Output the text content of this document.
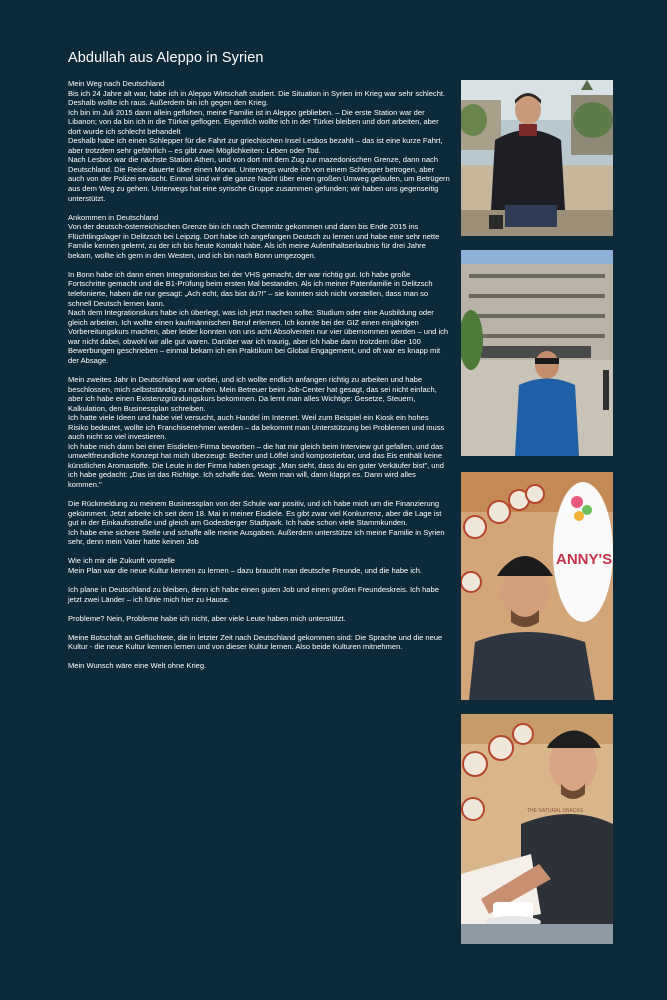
Abdullah aus Aleppo in Syrien
Mein Weg nach Deutschland

Bis ich 24 Jahre alt war, habe ich in Aleppo Wirtschaft studiert. Die Situation in Syrien im Krieg war sehr schlecht. Deshalb wollte ich raus. Außerdem bin ich gegen den Krieg.

Ich bin im Juli 2015 dann allein geflohen, meine Familie ist in Aleppo geblieben. – Die erste Station war der Libanon; von da bin ich in die Türkei geflogen. Eigentlich wollte ich in der Türkei bleiben und dort arbeiten, aber dort wurde ich schlecht behandelt

Deshalb habe ich einen Schlepper für die Fahrt zur griechischen Insel Lesbos bezahlt – das ist eine kurze Fahrt, aber trotzdem sehr gefährlich – es gibt zwei Möglichkeiten: Leben oder Tod.

Nach Lesbos war die nächste Station Athen, und von dort mit dem Zug zur mazedonischen Grenze, dann nach Deutschland. Die Reise dauerte über einen Monat. Unterwegs wurde ich von einem Schlepper betrogen, aber auch von der Polizei erwischt. Einmal sind wir die ganze Nacht über einen großen Umweg gelaufen, um Betrügern aus dem Weg zu gehen. Unterwegs hat eine syrische Gruppe zusammen gefunden; wir haben uns gegenseitig unterstützt.

Ankommen in Deutschland

Von der deutsch-österreichischen Grenze bin ich nach Chemnitz gekommen und dann bis Ende 2015 ins Flüchtlingslager in Delitzsch bei Leipzig. Dort habe ich angefangen Deutsch zu lernen und habe eine sehr nette Familie kennen gelernt, zu der ich bis heute Kontakt habe. Als ich meine Aufenthaltserlaubnis für drei Jahre bekam, wollte ich gern in den Westen, und ich bin nach Bonn umgezogen.

In Bonn habe ich dann einen Integrationskus bei der VHS gemacht, der war richtig gut. Ich habe große Fortschritte gemacht und die B1-Prüfung beim ersten Mal bestanden. Als ich meiner Patenfamilie in Delitzsch telefonierte, haben die nur gesagt: „Ach echt, das bist du?!" – sie konnten sich nicht vorstellen, dass man so schnell Deutsch lernen kann.

Nach dem Integrationskurs habe ich überlegt, was ich jetzt machen sollte: Studium oder eine Ausbildung oder gleich arbeiten. Ich wollte einen kaufmännischen Beruf erlernen. Ich konnte bei der GIZ einen einjährigen Vorbereitungskurs machen, aber leider konnten von uns acht Absolventen nur vier übernommen werden – und ich war nicht dabei, obwohl wir alle gut waren. Darüber war ich traurig, aber ich habe dann trotzdem über 100 Bewerbungen geschrieben – einmal bekam ich ein Praktikum bei Global Engagement, und oft war es knapp mit der Absage.

Mein zweites Jahr in Deutschland war vorbei, und ich wollte endlich anfangen richtig zu arbeiten und habe beschlossen, mich selbstständig zu machen. Mein Betreuer beim Job-Center hat gesagt, das sei nicht einfach, aber ich habe einen Existenzgründungskurs bekommen. Da lernt man alles Wichtige: Gesetze, Steuern, Kalkulation, den Businessplan schreiben.

Ich hatte viele Ideen und habe viel versucht, auch Handel im Internet. Weil zum Beispiel ein Kiosk ein hohes Risiko bedeutet, wollte ich Franchisenehmer werden – da bekommt man Unterstützung bei Problemen und muss auch nicht so viel investieren.

Ich habe mich dann bei einer Eisdielen-Firma beworben – die hat mir gleich beim Interview gut gefallen, und das umweltfreundliche Konzept hat mich überzeugt: Becher und Löffel sind kompostierbar, und das Eis enthält keine künstlichen Aromastoffe. Die Leute in der Firma haben gesagt: „Man sieht, dass du ein guter Verkäufer bist", und ich habe gedacht: „Das ist das Richtige. Ich schaffe das. Wenn man will, dann klappt es. Dann wird alles kommen."

Die Rückmeldung zu meinem Businessplan von der Schule war positiv, und ich habe mich um die Finanzierung gekümmert. Jetzt arbeite ich seit dem 18. Mai in meiner Eisdiele. Es gibt zwar viel Konkurrenz, aber die Lage ist gut in der Einkaufsstraße und gleich am Godesberger Stadtpark. Ich habe schon viele Stammkunden.

Ich habe eine sichere Stelle und schaffe alle meine Ausgaben. Außerdem unterstütze ich meine Familie in Syrien sehr, denn mein Vater hatte keinen Job

Wie ich mir die Zukunft vorstelle

Mein Plan war die neue Kultur kennen zu lernen – dazu braucht man deutsche Freunde, und die habe ich.

Ich plane in Deutschland zu bleiben, denn ich habe einen guten Job und einen großen Freundeskreis. Ich habe jetzt zwei Länder – ich fühle mich hier zu Hause.

Probleme? Nein, Probleme habe ich nicht, aber viele Leute haben mich unterstützt.

Meine Botschaft an Geflüchtete, die in letzter Zeit nach Deutschland gekommen sind: Die Sprache und die neue Kultur - die neue Kultur kennen lernen und von dieser Kultur lernen. Also beide Kulturen mitnehmen.

Mein Wunsch wäre eine Welt ohne Krieg.

ANNY'S
THE NATURAL SNACKS
